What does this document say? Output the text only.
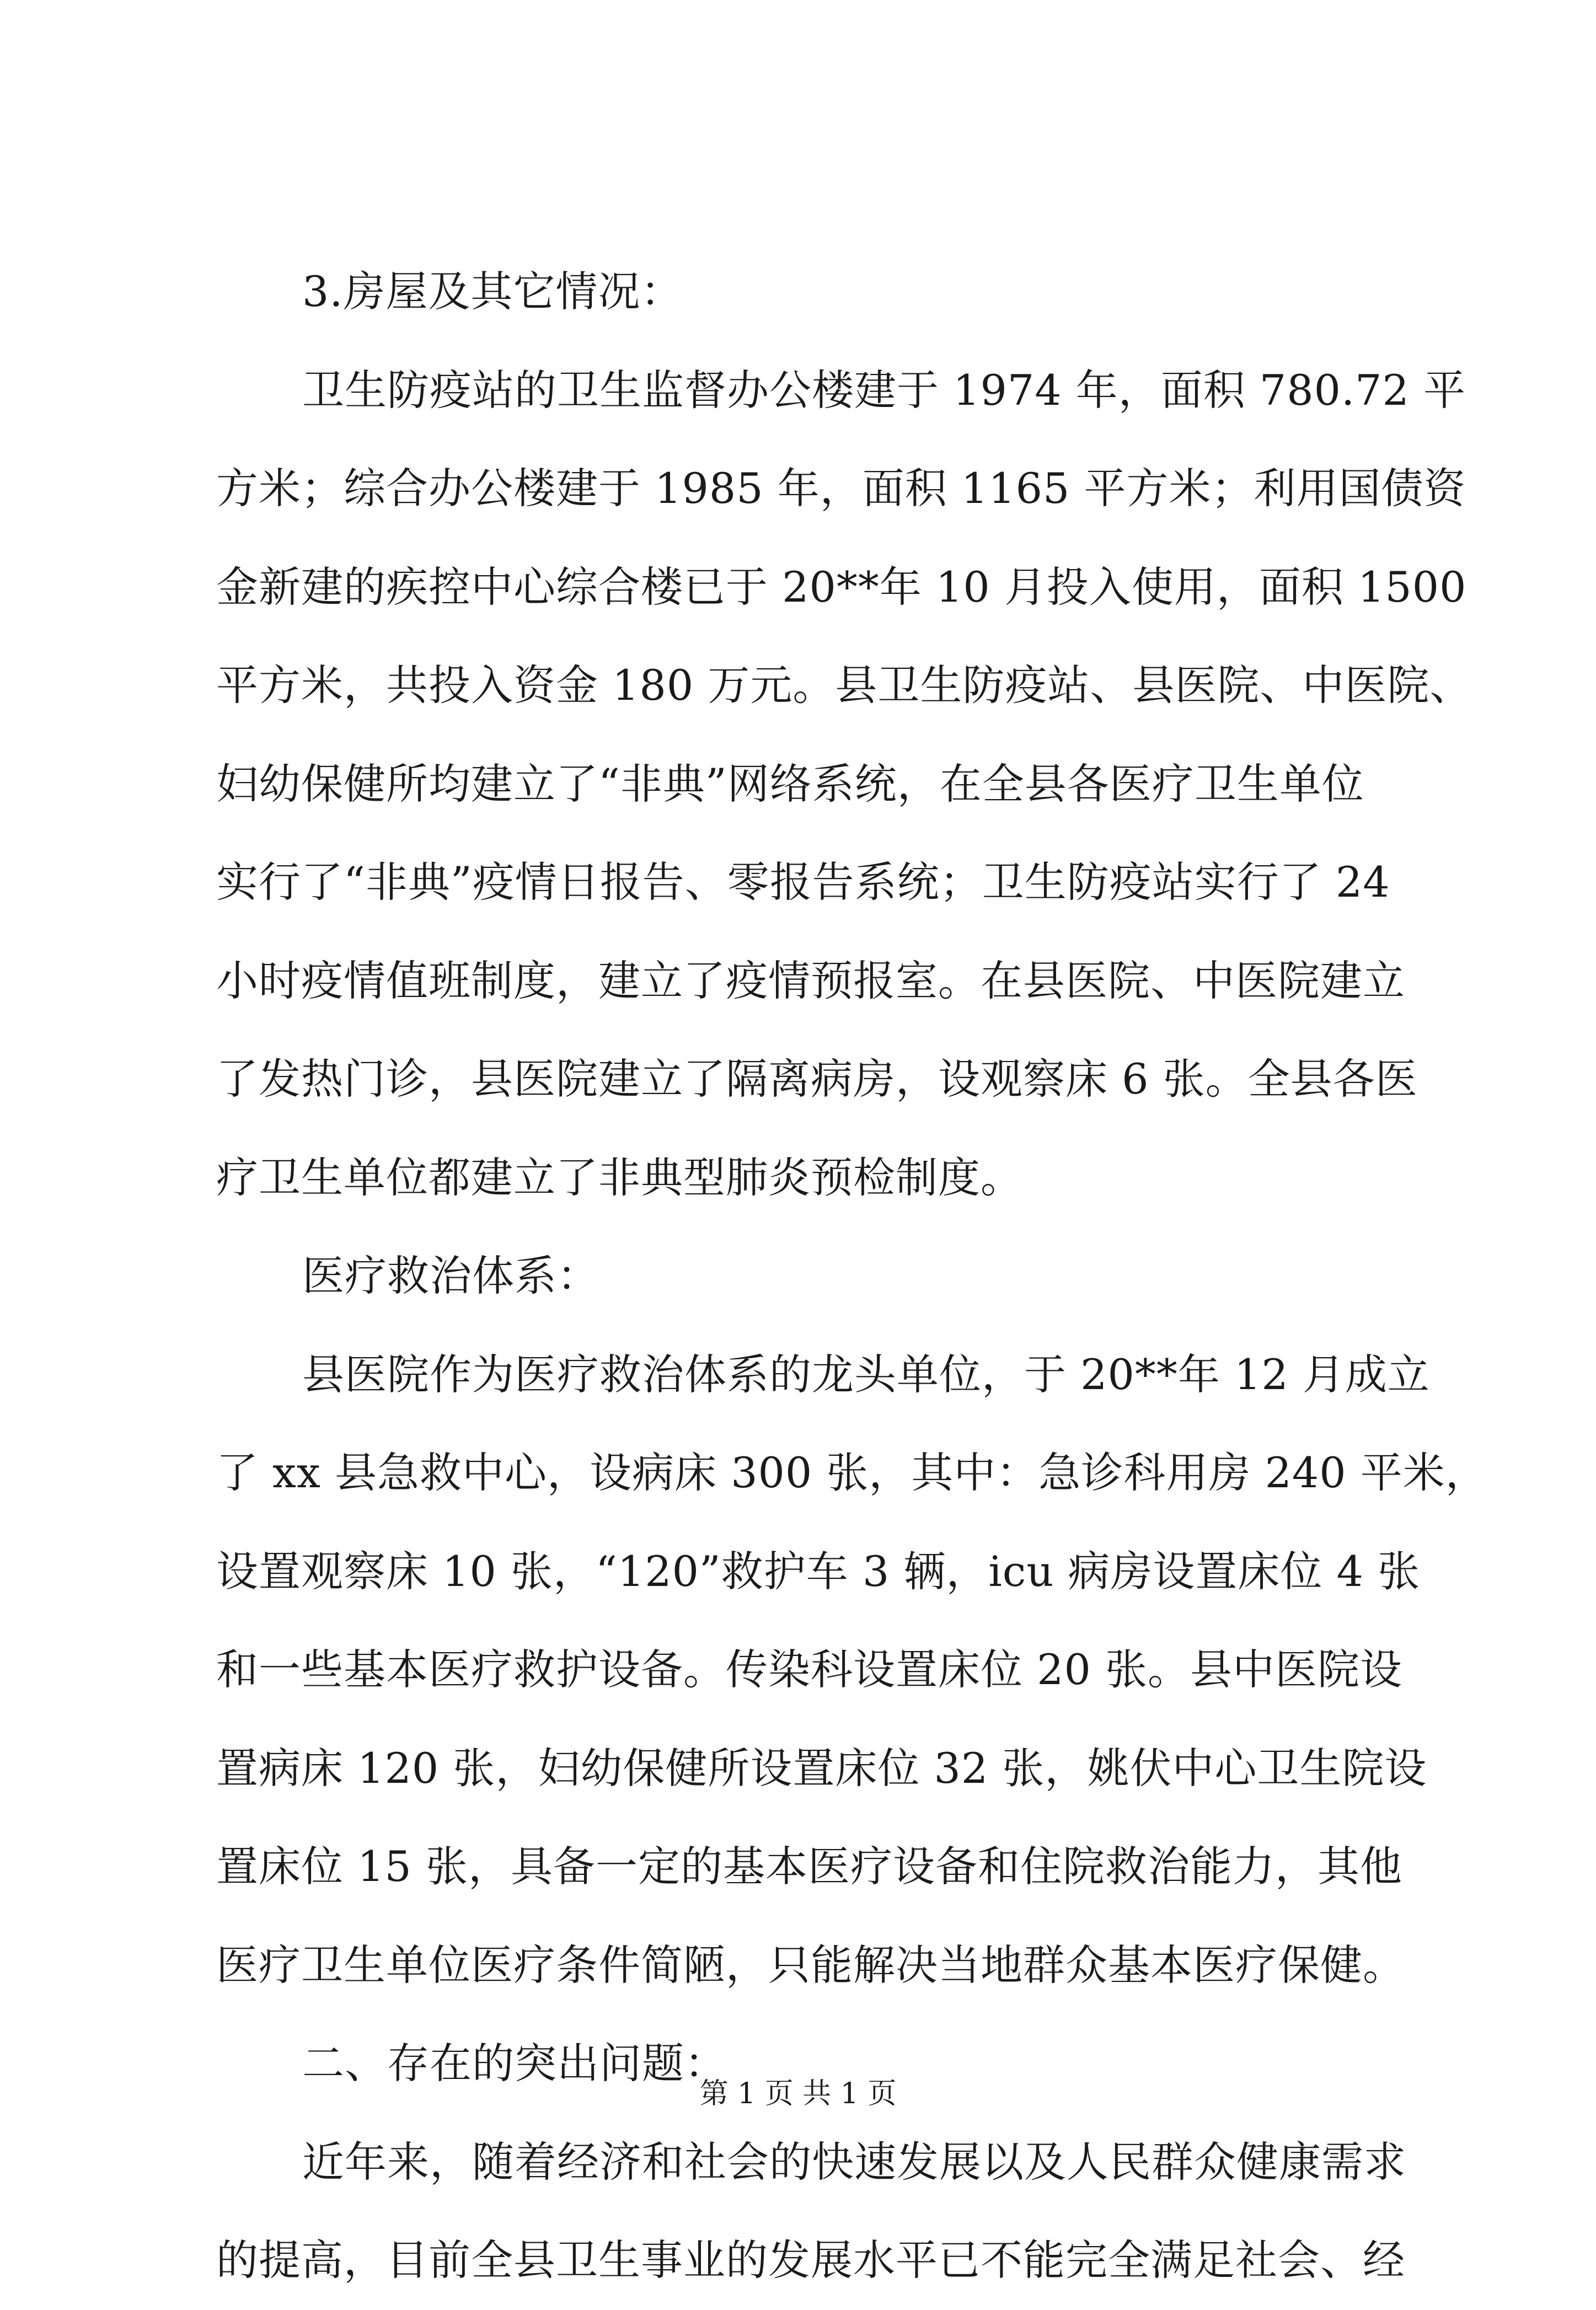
3.房屋及其它情况：
卫生防疫站的卫生监督办公楼建于 1974 年，面积 780.72 平
方米；综合办公楼建于 1985 年，面积 1165 平方米；利用国债资
金新建的疾控中心综合楼已于 20**年 10 月投入使用，面积 1500
平方米，共投入资金 180 万元。县卫生防疫站、县医院、中医院、
妇幼保健所均建立了“非典”网络系统，在全县各医疗卫生单位
实行了“非典”疫情日报告、零报告系统；卫生防疫站实行了 24
小时疫情值班制度，建立了疫情预报室。在县医院、中医院建立
了发热门诊，县医院建立了隔离病房，设观察床 6 张。全县各医
疗卫生单位都建立了非典型肺炎预检制度。
医疗救治体系：
县医院作为医疗救治体系的龙头单位，于 20**年 12 月成立
了 xx 县急救中心，设病床 300 张，其中：急诊科用房 240 平米，
设置观察床 10 张，“120”救护车 3 辆，icu 病房设置床位 4 张
和一些基本医疗救护设备。传染科设置床位 20 张。县中医院设
置病床 120 张，妇幼保健所设置床位 32 张，姚伏中心卫生院设
置床位 15 张，具备一定的基本医疗设备和住院救治能力，其他
医疗卫生单位医疗条件简陋，只能解决当地群众基本医疗保健。
二、存在的突出问题：
近年来，随着经济和社会的快速发展以及人民群众健康需求
的提高，目前全县卫生事业的发展水平已不能完全满足社会、经
第 1 页 共 1 页
